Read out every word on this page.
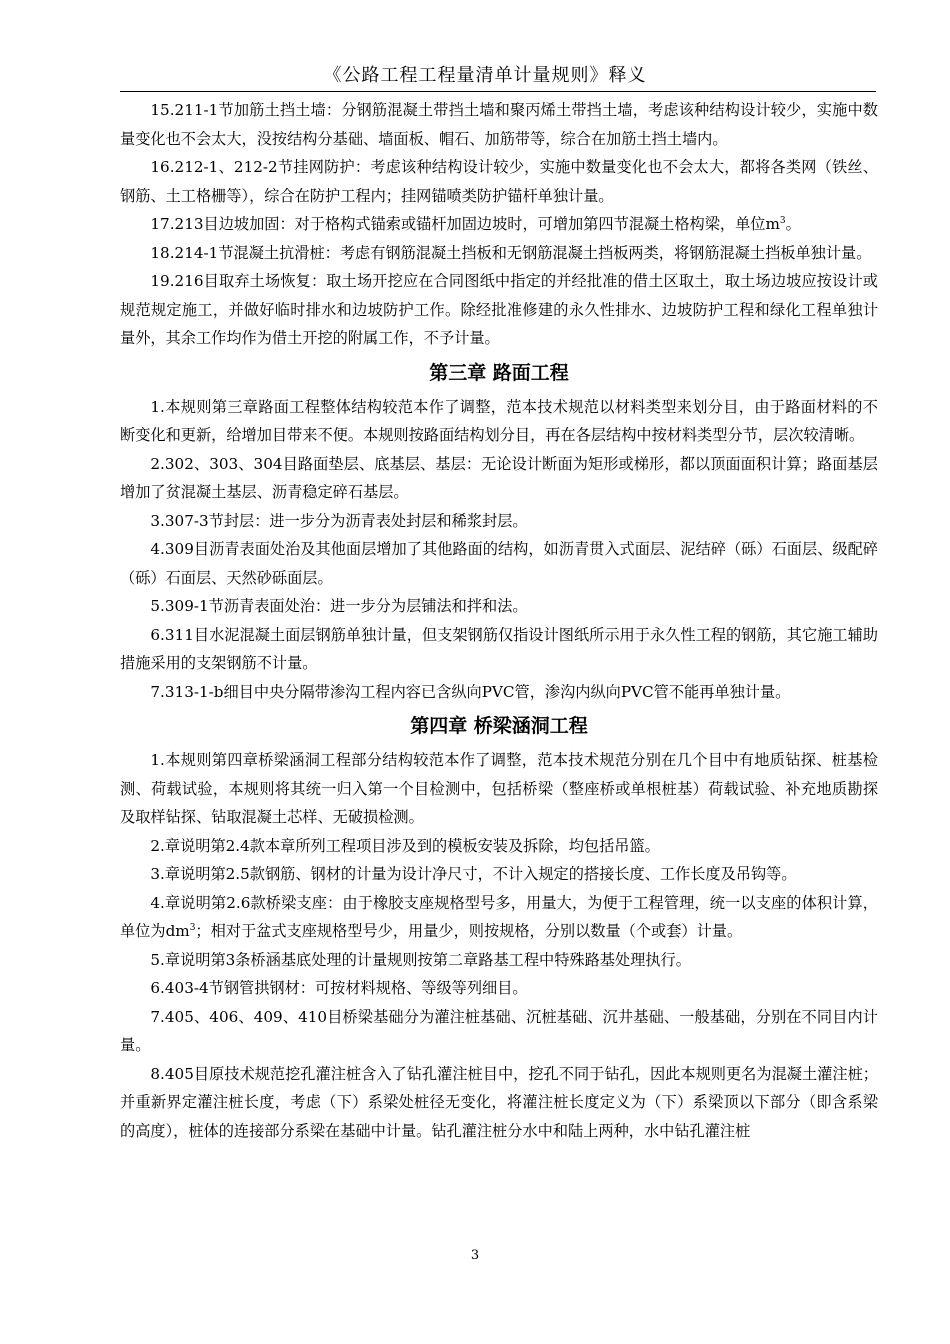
《公路工程工程量清单计量规则》释义

15.211-1节加筋土挡土墙：分钢筋混凝土带挡土墙和聚丙烯土带挡土墙，考虑该种结构设计较少，实施中数量变化也不会太大，没按结构分基础、墙面板、帽石、加筋带等，综合在加筋土挡土墙内。

16.212-1、212-2节挂网防护：考虑该种结构设计较少，实施中数量变化也不会太大，都将各类网（铁丝、钢筋、土工格栅等），综合在防护工程内；挂网锚喷类防护锚杆单独计量。

17.213目边坡加固：对于格构式锚索或锚杆加固边坡时，可增加第四节混凝土格构梁，单位$m^3$。

18.214-1节混凝土抗滑桩：考虑有钢筋混凝土挡板和无钢筋混凝土挡板两类，将钢筋混凝土挡板单独计量。

19.216目取弃土场恢复：取土场开挖应在合同图纸中指定的并经批准的借土区取土，取土场边坡应按设计或规范规定施工，并做好临时排水和边坡防护工作。除经批准修建的永久性排水、边坡防护工程和绿化工程单独计量外，其余工作均作为借土开挖的附属工作，不予计量。

第三章 路面工程

1.本规则第三章路面工程整体结构较范本作了调整，范本技术规范以材料类型来划分目，由于路面材料的不断变化和更新，给增加目带来不便。本规则按路面结构划分目，再在各层结构中按材料类型分节，层次较清晰。

2.302、303、304目路面垫层、底基层、基层：无论设计断面为矩形或梯形，都以顶面面积计算；路面基层增加了贫混凝土基层、沥青稳定碎石基层。

3.307-3节封层：进一步分为沥青表处封层和稀浆封层。

4.309目沥青表面处治及其他面层增加了其他路面的结构，如沥青贯入式面层、泥结碎（砾）石面层、级配碎（砾）石面层、天然砂砾面层。

5.309-1节沥青表面处治：进一步分为层铺法和拌和法。

6.311目水泥混凝土面层钢筋单独计量，但支架钢筋仅指设计图纸所示用于永久性工程的钢筋，其它施工辅助措施采用的支架钢筋不计量。

7.313-1-b细目中央分隔带渗沟工程内容已含纵向PVC管，渗沟内纵向PVC管不能再单独计量。

第四章 桥梁涵洞工程

1.本规则第四章桥梁涵洞工程部分结构较范本作了调整，范本技术规范分别在几个目中有地质钻探、桩基检测、荷载试验，本规则将其统一归入第一个目检测中，包括桥梁（整座桥或单根桩基）荷载试验、补充地质勘探及取样钻探、钻取混凝土芯样、无破损检测。

2.章说明第2.4款本章所列工程项目涉及到的模板安装及拆除，均包括吊篮。

3.章说明第2.5款钢筋、钢材的计量为设计净尺寸，不计入规定的搭接长度、工作长度及吊钩等。

4.章说明第2.6款桥梁支座：由于橡胶支座规格型号多，用量大，为便于工程管理，统一以支座的体积计算，单位为$dm^3$；相对于盆式支座规格型号少，用量少，则按规格，分别以数量（个或套）计量。

5.章说明第3条桥涵基底处理的计量规则按第二章路基工程中特殊路基处理执行。

6.403-4节钢管拱钢材：可按材料规格、等级等列细目。

7.405、406、409、410目桥梁基础分为灌注桩基础、沉桩基础、沉井基础、一般基础，分别在不同目内计量。

8.405目原技术规范挖孔灌注桩含入了钻孔灌注桩目中，挖孔不同于钻孔，因此本规则更名为混凝土灌注桩；并重新界定灌注桩长度，考虑（下）系梁处桩径无变化，将灌注桩长度定义为（下）系梁顶以下部分（即含系梁的高度），桩体的连接部分系梁在基础中计量。钻孔灌注桩分水中和陆上两种，水中钻孔灌注桩

3
